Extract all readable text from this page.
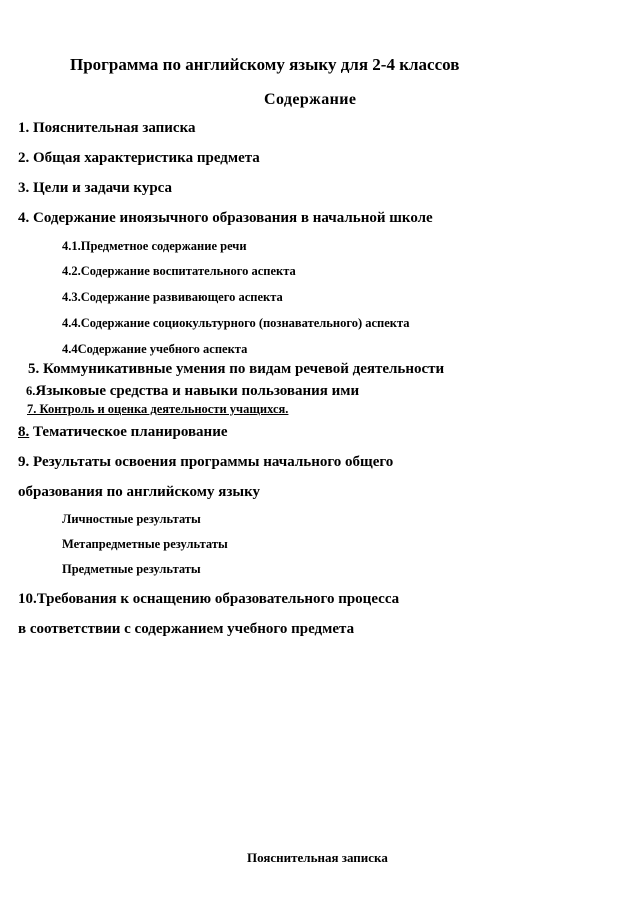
Программа по английскому языку для 2-4 классов
Содержание
1. Пояснительная записка
2. Общая характеристика предмета
3. Цели и задачи курса
4. Содержание иноязычного образования в начальной школе
4.1.Предметное содержание речи
4.2.Содержание воспитательного аспекта
4.3.Содержание развивающего аспекта
4.4.Содержание социокультурного (познавательного) аспекта
4.4Содержание учебного аспекта
5. Коммуникативные умения по видам речевой деятельности
6.Языковые средства и навыки пользования ими
7. Контроль и оценка деятельности учащихся.
8. Тематическое планирование
9. Результаты освоения программы начального общего
образования по английскому языку
Личностные результаты
Метапредметные результаты
Предметные результаты
10.Требования к оснащению образовательного процесса
в соответствии с содержанием учебного предмета
Пояснительная записка
